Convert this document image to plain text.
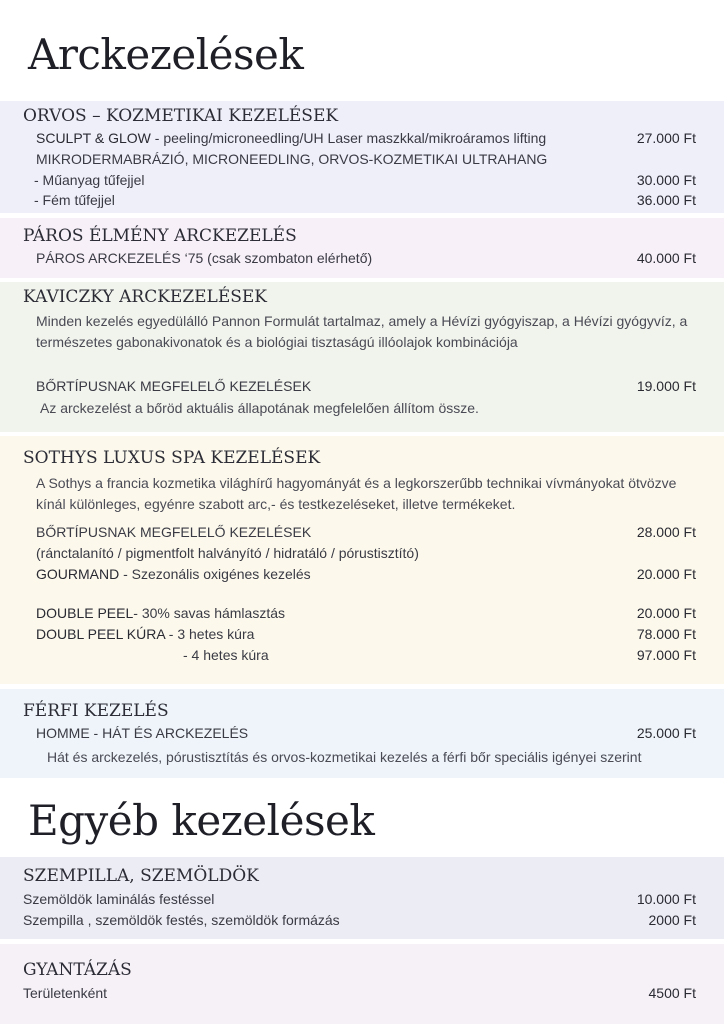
Arckezelések
ORVOS – KOZMETIKAI KEZELÉSEK
SCULPT & GLOW - peeling/microneedling/UH Laser maszkkal/mikroáramos lifting	27.000 Ft
MIKRODERMABRÁZIÓ, MICRONEEDLING, ORVOS-KOZMETIKAI ULTRAHANG
- Műanyag tűfejjel	30.000 Ft
- Fém tűfejjel	36.000 Ft
PÁROS ÉLMÉNY ARCKEZELÉS
PÁROS ARCKEZELÉS ‘75 (csak szombaton elérhető)	40.000 Ft
KAVICZKY ARCKEZELÉSEK
Minden kezelés egyedülálló Pannon Formulát tartalmaz, amely a Hévízi gyógyiszap, a Hévízi gyógyvíz, a természetes gabonakivonatok és a biológiai tisztaságú illóolajok kombinációja
BŐRTÍPUSNAK MEGFELELŐ KEZELÉSEK	19.000 Ft
Az arckezelést a bőröd aktuális állapotának megfelelően állítom össze.
SOTHYS LUXUS SPA KEZELÉSEK
A Sothys a francia kozmetika világhírű hagyományát és a legkorszerűbb technikai vívmányokat ötvözve kínál különleges, egyénre szabott arc,- és testkezeléseket, illetve termékeket.
BŐRTÍPUSNAK MEGFELELŐ KEZELÉSEK	28.000 Ft
(ránctalanító / pigmentfolt halványító / hidratáló / pórustisztító)
GOURMAND - Szezonális oxigénes kezelés	20.000 Ft
DOUBLE PEEL- 30% savas hámlasztás	20.000 Ft
DOUBL PEEL KÚRA - 3 hetes kúra	78.000 Ft
- 4 hetes kúra	97.000 Ft
FÉRFI KEZELÉS
HOMME - HÁT ÉS ARCKEZELÉS	25.000 Ft
Hát és arckezelés, pórustisztítás és orvos-kozmetikai kezelés a férfi bőr speciális igényei szerint
Egyéb kezelések
SZEMPILLA, SZEMÖLDÖK
Szemöldök laminálás festéssel	10.000 Ft
Szempilla , szemöldök festés, szemöldök formázás	2000 Ft
GYANTÁZÁS
Területenként	4500 Ft
